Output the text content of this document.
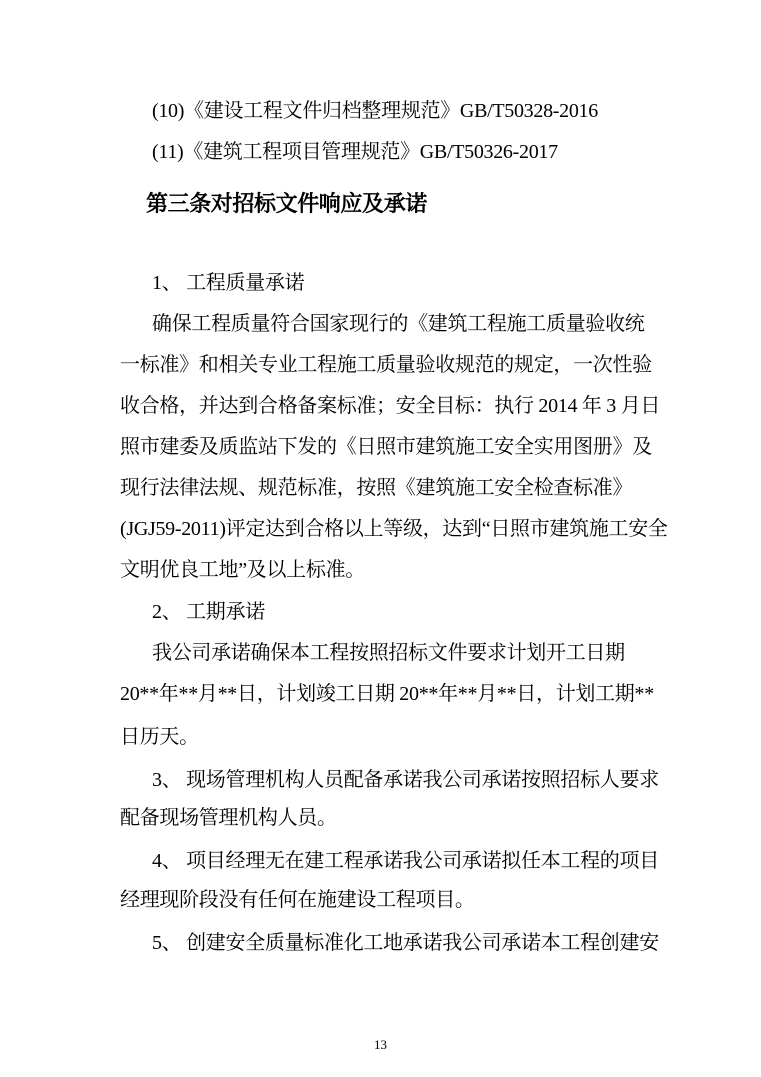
(10)《建设工程文件归档整理规范》GB/T50328-2016
(11)《建筑工程项目管理规范》GB/T50326-2017
第三条对招标文件响应及承诺
1、 工程质量承诺
确保工程质量符合国家现行的《建筑工程施工质量验收统
一标准》和相关专业工程施工质量验收规范的规定，一次性验
收合格，并达到合格备案标准；安全目标：执行 2014 年 3 月日
照市建委及质监站下发的《日照市建筑施工安全实用图册》及
现行法律法规、规范标准，按照《建筑施工安全检查标准》
(JGJ59-2011)评定达到合格以上等级，达到“日照市建筑施工安全
文明优良工地”及以上标准。
2、 工期承诺
我公司承诺确保本工程按照招标文件要求计划开工日期
20**年**月**日，计划竣工日期 20**年**月**日，计划工期**
日历天。
3、 现场管理机构人员配备承诺我公司承诺按照招标人要求
配备现场管理机构人员。
4、 项目经理无在建工程承诺我公司承诺拟任本工程的项目
经理现阶段没有任何在施建设工程项目。
5、 创建安全质量标准化工地承诺我公司承诺本工程创建安
13
